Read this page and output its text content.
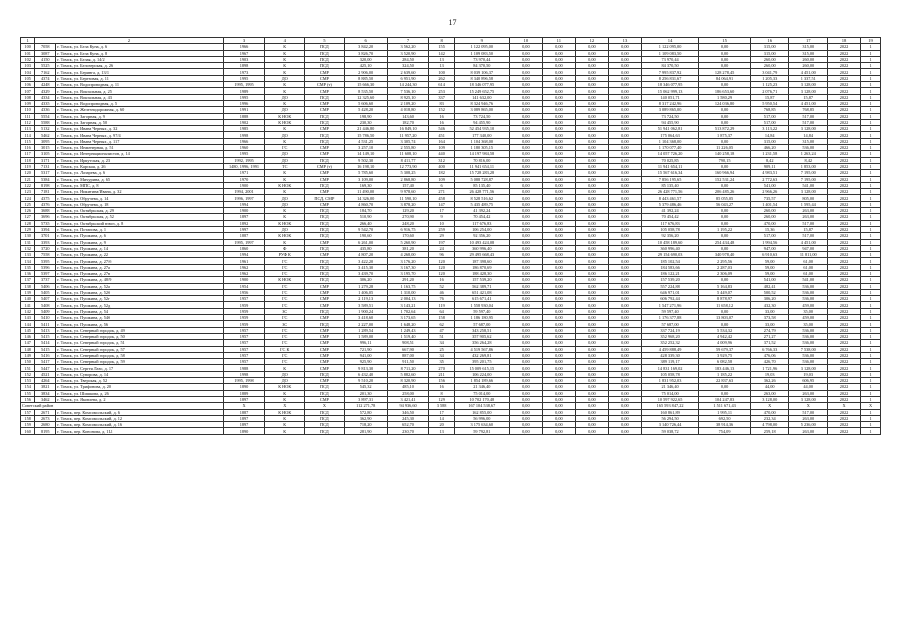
17
1	2		3	4	5	6	7	8	9	10	11	12	13	14	15	16	17	18	19
100	7058	г. Томск, ул. Бела Куна, д. 6	1966	К	ПСД	3 842,20	3 562,20	155	1 122 095,00	0,00	0,00	0,00	0,00	1 122 095,00	0,00	315,00	315,00	2022	1
101	3087	г. Томск, ул. Бела Куна, д. 8	1967	К	ПСД	3 826,70	3 520,90	142	1 109 083,50	0,00	0,00	0,00	0,00	1 109 083,50	0,00	315,00	315,00	2022	1
102	4150	г. Томск, ул. Белая, д. 14/2	1903	К	ПСД	320,00	284,50	13	73 970,44	0,00	0,00	0,00	0,00	73 970,44	0,00	260,00	260,00	2022	1
103	5525	г. Томск, ул. Белозерская, д. 26	1898	К	ПСД	425,10	324,50	13	84 370,50	0,00	0,00	0,00	0,00	84 370,50	0,00	260,00	260,00	2022	1
104	7162	г. Томск, ул. Беринга, д. 13/1	1973	К	СМР	2 906,00	2 639,60	100	8 039 106,37	0,00	0,00	0,00	0,00	7 995 837,92	128 278,45	3 041,79	4 451,00	2022	1
105	4374	г. Томск, ул. Березовая, д. 11	1995	ДО	СМР	8 885,50	6 951,90	262	8 340 896,58	0,00	0,00	0,00	0,00	8 256 831,67	84 064,91	1 205,33	1 337,51	2022	1
106	4248	г. Томск, ул. Водопроводная, д. 11	1995, 1995	К	СМР (т)	15 666,30	14 244,30	614	18 346 077,95	0,00	0,00	0,00	0,00	18 346 077,95	0,00	1 125,23	3 128,00	2022	1
107	4329	г. Томск, ул. Вокзальная, д. 25	1989	К	СМР	8 535,50	7 536,10	253	15 249 652,75	0,00	0,00	0,00	0,00	15 062 999,13	186 653,60	2 076,71	3 128,00	2022	1
108	4334	г. Томск, ул. Вокзальная, д. 43	1995	ДО	ПСД	12 325,60	8 925,10	337	141 632,00	0,00	0,00	0,00	0,00	140 051,71	1 580,29	15,87	15,87	2022	1
109	4335	г. Томск, ул. Водопроводная, д. 5	1996	К	СМР	5 606,60	2 109,20	83	8 324 946,76	0,00	0,00	0,00	0,00	8 317 242,96	124 036,80	5 950,54	4 451,00	2022	1
110	4336	г. Томск, ул. Железнодорожная, д. 60	1991	ДО	СМР	5 428,20	4 018,80	152	3 089 865,00	0,00	0,00	0,00	0,00	3 089 865,00	0,00	768,85	768,85	2022	1
111	5554	г. Томск, ул. Загорная, д. 9	1888	К НОК	ПСД	198,90	143,60	16	73 724,50	0,00	0,00	0,00	0,00	73 724,50	0,00	517,00	517,00	2022	1
112	5588	г. Томск, ул. Загорная, д. 50	1902	К НОК	ПСД	230,30	182,70	16	94 455,90	0,00	0,00	0,00	0,00	94 455,90	0,00	517,00	517,00	2022	1
113	5132	г. Томск, ул. Ивана Черных, д. 32	1985	К	СМР	21 446,80	16 849,10	546	52 454 935,10	0,00	0,00	0,00	0,00	51 941 062,81	513 872,29	3 113,22	3 128,00	2022	1
114	5462	г. Томск, ул. Ивана Черных, д. 97/4	1998	ДО	ПСД	15 786,50	11 957,20	451	177 340,00	0,00	0,00	0,00	0,00	175 064,63	1 875,37	14,84	14,84	2022	1
115	3095	г. Томск, ул. Ивана Черных, д. 117	1966	К	ПСД	4 531,25	3 305,74	164	1 104 368,00	0,00	0,00	0,00	0,00	1 104 368,00	0,00	315,00	315,00	2022	1
116	3015	г. Томск, ул. Инженерная, д. 51	1960	ГС	СМР	3 257,10	2 555,80	109	1 180 305,15	0,00	0,00	0,00	0,00	1 170 077,40	11 226,05	466,20	536,00	2022	1
117	3105	г. Томск, ул. Интернационалистов, д. 14	1995	ДО	СМР	14 149,10	11 608,10	440	14 197 984,58	0,00	0,00	0,00	0,00	14 057 726,20	140 258,18	1 231,58	1 263,24	2022	1
118	3171	г. Томск, ул. Иркутская, д. 23	1992, 1995	ДО	ПСД	9 502,30	8 411,77	312	70 816,00	0,00	0,00	0,00	0,00	70 025,85	790,15	8,42	8,42	2022	1
119	7131	г. Томск, ул. Карская, д. 26	1480, 1996, 1991	ТС	СМР (т)	16 198,10	12 773,90	400	11 941 654,11	0,00	0,00	0,00	0,00	11 941 654,11	0,00	909,11	1 853,00	2022	1
120	5317	г. Томск, ул. Лазарева, д. 6	1971	К	СМР	5 785,60	5 308,25	182	15 728 283,28	0,00	0,00	0,00	0,00	15 567 616,34	160 966,94	4 983,51	7 195,00	2022	1
121	5384	г. Томск, ул. Мичурина, д. 65	1970	К	СМР	3 109,00	2 868,80	109	5 088 728,87	0,00	0,00	0,00	0,00	7 856 195,65	152 531,24	2 772,63	7 195,00	2022	1
122	8198	г. Томск, ул. МПС, д. 8	1900	К НОК	ПСД	169,30	157,40	6	85 135,40	0,00	0,00	0,00	0,00	85 135,40	0,00	541,00	541,00	2022	1
123	7181	г. Томск, ул. Никитина/Ивана, д. 32	1994, 2001	К	СМР	11 490,00	9 978,60	271	26 428 771,56	0,00	0,00	0,00	0,00	26 428 771,56	206 485,26	2 966,26	3 128,00	2022	1
124	4375	г. Томск, ул. Обручева, д. 14	1996, 1997	ДО	ПСД, СМР	14 326,00	11 590,10	458	8 528 516,62	0,00	0,00	0,00	0,00	8 443 461,57	85 055,05	735,57	805,00	2022	1
125	4376	г. Томск, ул. Обручева, д. 18	1994	ДО	СМР	4 860,70	3 878,20	147	5 435 489,75	0,00	0,00	0,00	0,00	5 379 486,46	56 043,27	1 401,54	1 595,44	2022	1
126	3688	г. Томск, ул. Октябрьская, д. 29	1900	К	ПСД	184,70	129,20	17	41 392,24	0,00	0,00	0,00	0,00	41 392,24	0,00	260,00	263,00	2022	1
127	3696	г. Томск, ул. Октябрьская, д. 52	1897	К	ПСД	510,90	270,90	9	70 454,42	0,00	0,00	0,00	0,00	70 454,42	0,00	260,00	263,00	2022	1
128	5735	г. Томск, ул. Октябрьский взвоз, д. 8	1892	К НОК	ПСД	266,40	248,20	10	117 676,83	0,00	0,00	0,00	0,00	117 676,83	0,00	470,00	517,00	2022	1
129	3394	г. Томск, ул. Потапова, д. 1	1997	ДО	ПСД	9 542,70	6 916,75	259	106 254,00	0,00	0,00	0,00	0,00	105 058,78	1 195,22	15,36	15,87	2022	1
130	3701	г. Томск, ул. Пушкина, д. 6	1887	К НОК	ПСД	190,60	170,60	29	92 356,20	0,00	0,00	0,00	0,00	92 356,20	0,00	517,00	517,00	2022	1
131	3393	г. Томск, ул. Пушкина, д. 9	1995, 1997	К	СМР	6 261,00	5 260,90	197	10 493 424,08	0,00	0,00	0,00	0,00	10 458 189,60	254 434,48	1 994,56	4 451,00	2022	1
132	3720	г. Томск, ул. Пушкина, д. 14	1860	Ф	ПСД	435,80	381,20	24	360 996,40	0,00	0,00	0,00	0,00	360 996,40	0,00	947,00	947,00	2022	1
133	7558	г. Томск, ул. Пушкина, д. 22	1994	РУФ К	СМР	4 807,20	4 268,00	96	29 495 668,43	0,00	0,00	0,00	0,00	29 154 690,03	340 978,40	6 910,63	11 811,00	2022	1
134	5395	г. Томск, ул. Пушкина, д. 27/б	1961	ГС	ПСД	3 422,20	3 176,20	120	187 398,60	0,00	0,00	0,00	0,00	185 102,54	2 295,56	59,00	61,00	2022	1
135	5396	г. Томск, ул. Пушкина, д. 27а	1962	ГС	ПСД	3 415,30	3 167,30	120	186 870,69	0,00	0,00	0,00	0,00	184 583,66	2 287,03	59,00	61,00	2022	1
136	5397	г. Томск, ул. Пушкина, д. 27в	1962	ГС	ПСД	3 439,70	3 195,70	120	188 428,30	0,00	0,00	0,00	0,00	186 122,21	2 306,09	59,00	61,00	2022	1
137	3737	г. Томск, ул. Пушкина, д. 48/9	1900	К НОК	ПСД	306,20	291,20	16	157 539,20	0,00	0,00	0,00	0,00	157 539,20	0,00	541,00	541,00	2022	1
138	5406	г. Томск, ул. Пушкина, д. 52а	1954	ГС	СМР	1 279,28	1 163,75	52	562 389,71	0,00	0,00	0,00	0,00	557 224,88	5 164,83	482,41	536,00	2022	1
139	5405	г. Томск, ул. Пушкина, д. 52б	1956	ГС	СМР	1 406,05	1 310,00	46	651 421,08	0,00	0,00	0,00	0,00	646 971,01	5 449,07	500,52	536,00	2022	1
140	5407	г. Томск, ул. Пушкина, д. 52г	1957	ГС	СМР	2 119,13	2 004,13	76	615 671,41	0,00	0,00	0,00	0,00	606 792,44	8 878,97	306,20	536,00	2022	1
141	5408	г. Томск, ул. Пушкина, д. 52д	1959	ГС	СМР	3 589,51	3 143,21	119	1 558 930,04	0,00	0,00	0,00	0,00	1 547 271,96	11 658,12	432,30	459,00	2022	1
142	5409	г. Томск, ул. Пушкина, д. 54	1959	ЗС	ПСД	1 900,24	1 702,64	64	59 597,40	0,00	0,00	0,00	0,00	59 597,40	0,00	33,00	35,00	2022	1
143	5410	г. Томск, ул. Пушкина, д. 54б	1959	ГС	СМР	3 418,60	3 173,65	158	1 186 180,95	0,00	0,00	0,00	0,00	1 176 377,88	13 803,07	373,58	459,00	2022	1
144	5411	г. Томск, ул. Пушкина, д. 56	1959	ЗС	ПСД	2 227,00	1 648,20	62	57 687,00	0,00	0,00	0,00	0,00	57 687,00	0,00	33,00	35,00	2022	1
145	5413	г. Томск, ул. Северный городок, д. 49	1957	ГС	СМР	1 289,54	1 249,43	47	343 258,51	0,00	0,00	0,00	0,00	337 724,19	5 534,32	274,79	536,00	2022	1
146	5415	г. Томск, ул. Северный городок, д. 50	1957	ГС	СМР	1 589,00	1 519,40	51	357 905,62	0,00	0,00	0,00	0,00	352 968,20	4 942,42	271,27	536,00	2022	1
147	5414	г. Томск, ул. Северный городок, д. 51	1957	ГС	СМР	996,11	908,51	34	356 264,28	0,00	0,00	0,00	0,00	352 252,32	4 009,96	371,52	536,00	2022	1
148	5415	г. Томск, ул. Северный городок, д. 57	1957	ГС К	СМР	721,90	667,90	25	4 519 567,86	0,00	0,00	0,00	0,00	4 459 888,49	59 679,37	6 766,33	7 538,00	2022	1
149	5416	г. Томск, ул. Северный городок, д. 58	1957	ГС	СМР	941,00	887,00	34	432 269,81	0,00	0,00	0,00	0,00	428 339,30	3 929,75	476,06	536,00	2022	1
150	5417	г. Томск, ул. Северный городок, д. 59	1957	ГС	СМР	925,90	911,50	35	395 201,75	0,00	0,00	0,00	0,00	389 119,17	6 082,58	426,70	536,00	2022	1
151	5447	г. Томск, ул. Сергея Лазо, д. 17	1988	К	СМР	9 813,30	8 711,20	270	15 009 615,15	0,00	0,00	0,00	0,00	14 831 169,02	183 446,13	1 721,96	3 128,00	2022	1
152	4521	г. Томск, ул. Суворова, д. 14	1998	ДО	ПСД	6 432,40	5 882,60	211	106 224,00	0,00	0,00	0,00	0,00	105 058,78	1 185,22	19,03	19,03	2022	1
153	4264	г. Томск, ул. Тверская, д. 52	1995, 1998	ДО	СМР	9 510,20	8 320,90	156	1 854 189,66	0,00	0,00	0,00	0,00	1 831 952,03	22 837,63	362,26	606,95	2022	1
154	3821	г. Томск, ул. Трифонова, д. 20	1890	К НОК	ПСД	545,32	485,10	16	21 346,40	0,00	0,00	0,00	0,00	21 346,40	0,00	44,00	44,00	2022	1
155	3834	г. Томск, ул. Шишкова, д. 26	1889	К	ПСД	201,30	258,00	8	75 014,00	0,00	0,00	0,00	0,00	75 014,00	0,00	263,00	263,00	2022	1
156	3462	г. Томск, ул. Яковлева, д. 2	1897	К	СМР	3 897,31	3 421,41	129	10 702 170,48	0,00	0,00	0,00	0,00	10 597 922,65	104 247,83	3 128,00	3 128,00	2022	1
Советский район			Х	Х	Х	112 271,78	94 936,60	3 588	167 104 538,67	0,00	0,00	0,00	0,00	165 593 847,22	1 511 671,43	X	X	Х	X
157	2671	г. Томск, пер. Комсомольский, д. 6	1887	К НОК	ПСД	572,80	346,50	17	162 855,00	0,00	0,00	0,00	0,00	160 861,89	1 995,11	470,00	517,00	2022	1
158	2673	г. Томск, пер. Комсомольский, д. 12	1897	К	ПСД	362,90	245,30	14	56 996,00	0,00	0,00	0,00	0,00	56 294,50	692,50	232,34	263,00	2022	1
159	2680	г. Томск, пер. Комсомольский, д. 16	1897	К	ПСД	718,20	652,70	20	3 175 634,60	0,00	0,00	0,00	0,00	3 140 726,44	38 914,36	4 798,00	5 236,00	2022	1
160	8195	г. Томск, пер. Кононова, д. 1Ll	1890	К	ПСД	281,90	230,70	13	59 792,81	0,00	0,00	0,00	0,00	59 038,72	754,09	259,18	263,00	2022	1
